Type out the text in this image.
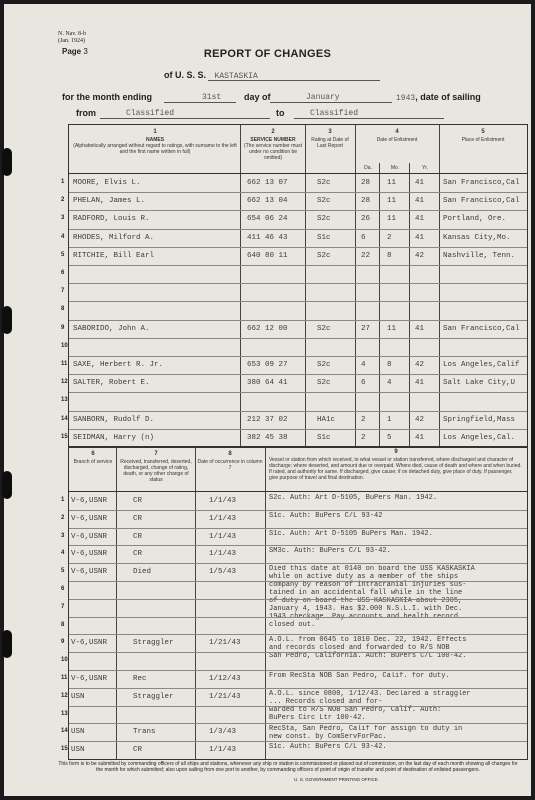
N. Nav. 8-b
(Jan. 1924)
Page 3	REPORT OF CHANGES
of U. S. S. KASTASKIA
for the month ending	31st	day of	January	1943, date of sailing
from	Classified	to	Classified
1
NAMES
(Alphabetically arranged without regard to ratings, with surname to the left and the first name written in full)
2
SERVICE NUMBER
(The service number must under no condition be omitted)
3
Rating at Date of Last Report
4
Date of Enlistment
Da.	Mo.	Yr.
5
Place of Enlistment
1 MOORE, Elvis L.	662 13 07	S2c	28 11	41	San Francisco,Cal
2 PHELAN, James L.	662 13 04	S2c	28 11	41	San Francisco,Cal
3 RADFORD, Louis R.	654 06 24	S2c	26 11	41	Portland, Ore.
4 RHODES, Milford A.	411 46 43	S1c	6	2	41	Kansas City,Mo.
5 RITCHIE, Bill Earl	640 80 11	S2c	22 8	42	Nashville, Tenn.
6
7
8
9 SABORIDO, John A.	662 12 00	S2c	27 11	41	San Francisco,Cal
10
11 SAXE, Herbert R. Jr.	653 09 27	S2c	4	8	42	Los Angeles,Calif
12 SALTER, Robert E.	380 64 41	S2c	6	4	41	Salt Lake City,U
13
14 SANBORN, Rudolf D.	212 37 02	HA1c	2	1	42	Springfield,Mass
15 SEIDMAN, Harry (n)	382 45 38	S1c	2	5	41	Los Angeles,Cal.
6
Branch of service
7
Received, transferred, deserted, discharged, change of rating, death, or any other change of status
8
Date of occurrence in column 7
9
Vessel or station from which received, to what vessel or station transferred, where discharged and character of discharge; where deserted, and amount due or overpaid. Where died, cause of death and where and when buried. If rated, and authority for same. If discharged, give cause; if on detached duty, give place of duty. If passenger, give purpose of travel and final destination.
1 V-6,USNR	CR	1/1/43	S2c. Auth: Art D-5105, BuPers Man. 1942.
2 V-6,USNR	CR	1/1/43	S1c. Auth: BuPers C/L 93-42
3 V-6,USNR	CR	1/1/43	S1c. Auth: Art D-5105 BuPers Man. 1942.
4 V-6,USNR	CR	1/1/43	SM3c. Auth: BuPers C/L 93-42.
5 V-6,USNR	Died	1/5/43	Died this date at 0140 on board the USS KASKASKIA
while on active duty as a member of the ships
company by reason of intracranial injuries sus-
tained in an accidental fall while in the line
of duty on board the USS KASKASKIA about 2305,
January 4, 1943. Has $2.000 N.S.L.I. with Dec.
1943 checkage. Pay accounts and health record
closed out.
6
7
8
9 V-6,USNR	Straggler	1/21/43	A.O.L. from 0645 to 1010 Dec. 22, 1942. Effects
and records closed and forwarded to R/S NOB
San Pedro, California. Auth: BuPers C/L 100-42.
10
11 V-6,USNR	Rec	1/12/43	From RecSta NOB San Pedro, Calif. for duty.
12 USN	Straggler	1/21/43	A.O.L. since 0800, 1/12/43. Declared a straggler
... Records closed and for-
warded to R/S NOB San Pedro, Calif. Auth:
BuPers Circ Ltr 100-42.
13
14 USN	Trans	1/3/43	RecSta, San Pedro, Calif for assign to duty in
new const. by ComServForPac.
15 USN	CR	1/1/43	S1c. Auth: BuPers C/L 93-42.
This form is to be submitted by commanding officers of all ships and stations, whenever any ship or station is commissioned or placed out of commission, on the last day of each month showing all changes for the month for which submitted; also upon sailing from one port to another, by commanding officers of point of origin of transfer and point of destination of enlisted passengers.
U. S. GOVERNMENT PRINTING OFFICE
